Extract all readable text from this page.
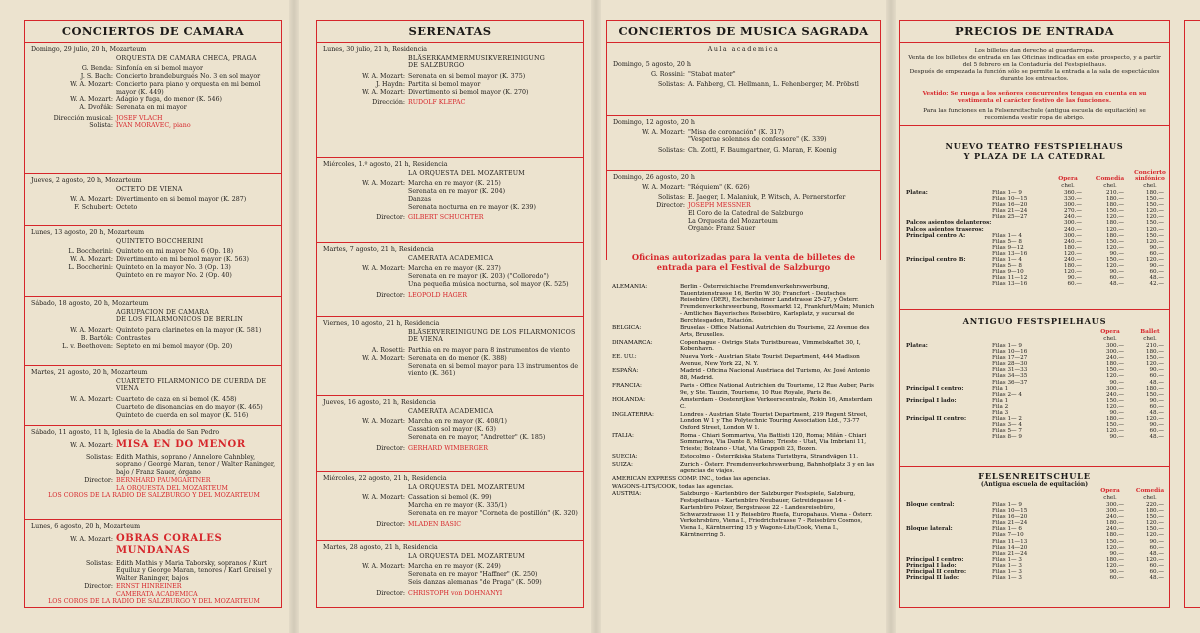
CONCIERTOS DE CAMARA
Domingo, 29 julio, 20 h, Mozarteum
ORQUESTA DE CAMARA CHECA, PRAGA
G. Benda: Sinfonía en si bemol mayor
J. S. Bach: Concierto brandeburgués No. 3 en sol mayor
W. A. Mozart: Concierto para piano y orquesta en mi bemol mayor (K. 449)
W. A. Mozart: Adagio y fuga, do menor (K. 546)
A. Dvořák: Serenata en mi mayor
Dirección musical: JOSEF VLACH
Solista: IVAN MORAVEC, piano
Jueves, 2 agosto, 20 h, Mozarteum
OCTETO DE VIENA
W. A. Mozart: Divertimento en si bemol mayor (K. 287)
F. Schubert: Octeto
Lunes, 13 agosto, 20 h, Mozarteum
QUINTETO BOCCHERINI
L. Boccherini: Quinteto en mi mayor No. 6 (Op. 18)
W. A. Mozart: Divertimento en mi bemol mayor (K. 563)
L. Boccherini: Quinteto en la mayor No. 3 (Op. 13)
Quinteto en re mayor No. 2 (Op. 40)
Sábado, 18 agosto, 20 h, Mozarteum
AGRUPACION DE CAMARA
DE LOS FILARMONICOS DE BERLIN
W. A. Mozart: Quinteto para clarinetes en la mayor (K. 581)
B. Bartók: Contrastes
L. v. Beethoven: Septeto en mi bemol mayor (Op. 20)
Martes, 21 agosto, 20 h, Mozarteum
CUARTETO FILARMONICO DE CUERDA DE VIENA
W. A. Mozart: Cuarteto de caza en si bemol (K. 458)
Cuarteto de disonancias en do mayor (K. 465)
Quinteto de cuerda en sol mayor (K. 516)
Sábado, 11 agosto, 11 h, Iglesia de la Abadía de San Pedro
W. A. Mozart: MISA EN DO MENOR
Solistas: Edith Mathis, soprano / Annelore Cahnbley, soprano / George Maran, tenor / Walter Raninger, bajo / Franz Sauer, órgano
Director: BERNHARD PAUMGARTNER
LA ORQUESTA DEL MOZARTEUM
LOS COROS DE LA RADIO DE SALZBURGO Y DEL MOZARTEUM
Lunes, 6 agosto, 20 h, Mozarteum
W. A. Mozart: OBRAS CORALES MUNDANAS
Solistas: Edith Mathis y Maria Taborsky, sopranos / Kurt Equiluz y George Maran, tenores / Karl Greisel y Walter Raninger, bajos
Director: ERNST HINREINER
CAMERATA ACADEMICA
LOS COROS DE LA RADIO DE SALZBURGO Y DEL MOZARTEUM
SERENATAS
Lunes, 30 julio, 21 h, Residencia
BLÄSERKAMMERMUSIKVEREINIGUNG
DE SALZBURGO
W. A. Mozart: Serenata en si bemol mayor (K. 375)
J. Haydn: Partita si bemol mayor
W. A. Mozart: Divertimento si bemol mayor (K. 270)
Dirección: RUDOLF KLEPAC
Miércoles, 1.º agosto, 21 h, Residencia
LA ORQUESTA DEL MOZARTEUM
W. A. Mozart: Marcha en re mayor (K. 215)
Serenata en re mayor (K. 204)
Danzas
Serenata nocturna en re mayor (K. 239)
Director: GILBERT SCHUCHTER
Martes, 7 agosto, 21 h, Residencia
CAMERATA ACADEMICA
W. A. Mozart: Marcha en re mayor (K. 237)
Serenata en re mayor (K. 203) ("Colloredo")
Una pequeña música nocturna, sol mayor (K. 525)
Director: LEOPOLD HAGER
Viernes, 10 agosto, 21 h, Residencia
BLÄSERVEREINIGUNG DE LOS FILARMONICOS
DE VIENA
A. Rosetti: Parthia en re mayor para 8 instrumentos de viento
W. A. Mozart: Serenata en do menor (K. 388)
Serenata en si bemol mayor para 13 instrumentos de viento (K. 361)
Jueves, 16 agosto, 21 h, Residencia
CAMERATA ACADEMICA
W. A. Mozart: Marcha en re mayor (K. 408/1)
Cassation sol mayor (K. 63)
Serenata en re mayor, "Andretter" (K. 185)
Director: GERHARD WIMBERGER
Miércoles, 22 agosto, 21 h, Residencia
LA ORQUESTA DEL MOZARTEUM
W. A. Mozart: Cassation si bemol (K. 99)
Marcha en re mayor (K. 335/1)
Serenata en re mayor "Corneta de postillón" (K. 320)
Director: MLADEN BASIC
Martes, 28 agosto, 21 h, Residencia
LA ORQUESTA DEL MOZARTEUM
W. A. Mozart: Marcha en re mayor (K. 249)
Serenata en re mayor "Haffner" (K. 250)
Seis danzas alemanas "de Praga" (K. 509)
Director: CHRISTOPH von DOHNANYI
CONCIERTOS DE MUSICA SAGRADA
Aula academica
Domingo, 5 agosto, 20 h
G. Rossini: "Stabat mater"
Solistas: A. Fahberg, Cl. Hellmann, L. Fehenberger, M. Pröbstl
Domingo, 12 agosto, 20 h
W. A. Mozart: "Misa de coronación" (K. 317)
"Vesperae solennes de confessore" (K. 339)
Solistas: Ch. Zottl, F. Baumgartner, G. Maran, F. Koenig
Domingo, 26 agosto, 20 h
W. A. Mozart: "Réquiem" (K. 626)
Solistas: E. Jaeger, I. Malaniuk, P. Witsch, A. Pernerstorfer
Director: JOSEPH MESSNER
El Coro de la Catedral de Salzburgo
La Orquesta del Mozarteum
Organo: Franz Sauer
Oficinas autorizadas para la venta de billetes de entrada para el Festival de Salzburgo
ALEMANIA:	Berlin - Österreichische Fremdenverkehrswerbung, Tauentzienstrasse 16, Berlin W 30; Francfort - Deutsches Reisebüro (DER), Eschersheimer Landstrasse 25-27, y Österr. Fremdenverkehrswerbung, Rossmarkt 12, Frankfurt/Main; Munich - Amtliches Bayerisches Reisebüro, Karlsplatz, y sucursal de Berchtesgaden, Estación.
BELGICA:	Bruselas - Office National Autrichien du Tourisme, 22 Avenue des Arts, Bruxelles.
DINAMARCA:	Copenhague - Ostrigs Stats Turistbureau, Vimmelskaftet 30, I, Kobenhavn.
EE. UU.:	Nueva York - Austrian State Tourist Department, 444 Madison Avenue, New York 22, N. Y.
ESPAÑA:	Madrid - Oficina Nacional Austriaca del Turismo, Av. José Antonio 88, Madrid.
FRANCIA:	Paris - Office National Autrichien du Tourisme, 12 Rue Auber, Paris 9e, y Ste. Tauzin, Tourisme, 10 Rue Royale, Paris 8e.
HOLANDA:	Amsterdam - Oostenrijkse Verkeerscentrale, Rokin 16, Amsterdam C.
INGLATERRA:	Londres - Austrian State Tourist Department, 219 Regent Street, London W 1 y The Polytechnic Touring Association Ltd., 73-77 Oxford Street, London W 1.
ITALIA:	Roma - Chiari Sommariva, Via Battisti 120, Roma; Milán - Chiari Sommariva, Via Dante 8, Milano; Trieste - Utat, Via Imbriani 11, Trieste; Bolzano - Utat, Via Grappoli 23, Bozen.
SUECIA:	Estocolmo - Österrikiska Statens Turistbyra, Strandvägen 11.
SUIZA:	Zurich - Österr. Fremdenverkehrswerbung, Bahnhofplatz 3 y en las agencias de viajes.
AMERICAN EXPRESS COMP. INC., todas las agencias.
WAGONS-LITS/COOK, todas las agencias.
AUSTRIA:	Salzburgo - Kartenbüro der Salzburger Festspiele, Salzburg, Festspielhaus - Kartenbüro Neubauer, Getreidegasse 14 - Kartenbüro Polzer, Bergstrasse 22 - Landesreisebüro, Schwarzstrasse 11 y Reisebüro Ruefa, Europahaus. Viena - Österr. Verkehrsbüro, Viena I., Friedrichstrasse 7 - Reisebüro Cosmos, Viena I., Kärntnerring 15 y Wagons-Lits/Cook, Viena I., Kärntnerring 5.
PRECIOS DE ENTRADA
Los billetes dan derecho al guardarropa.
Venta de los billetes de entrada en las Oficinas indicadas en este prospecto, y a partir del 5 febrero en la Contaduría del Festspielhaus.
Después de empezada la función sólo se permite la entrada a la sala de espectáculos durante los entreactos.
Vestido: Se ruega a los señores concurrentes tengan en cuenta en su vestimenta el carácter festivo de las funciones.
Para las funciones en la Felsenreitschule (antigua escuela de equitación) se recomienda vestir ropa de abrigo.
NUEVO TEATRO FESTSPIELHAUS
Y PLAZA DE LA CATEDRAL
Opera
chel.
Comedia
chel.
Concierto sinfónico
chel.
Platea:	Filas 1— 9	360.—	210.—	180.—
Filas 10—15	330.—	180.—	150.—
Filas 16—20	300.—	180.—	150.—
Filas 21—24	270.—	150.—	120.—
Filas 25—27	240.—	120.—	120.—
Palcos asientos delanteros:	300.—	180.—	150.—
Palcos asientos traseros:	240.—	120.—	120.—
Principal centro A:	Filas 1— 4	300.—	180.—	150.—
Filas 5— 8	240.—	150.—	120.—
Filas 9—12	180.—	120.—	90.—
Filas 13—16	120.—	90.—	60.—
Principal centro B:	Filas 1— 4	240.—	150.—	120.—
Filas 5— 8	180.—	120.—	90.—
Filas 9—10	120.—	90.—	60.—
Filas 11—12	90.—	60.—	48.—
Filas 13—16	60.—	48.—	42.—
ANTIGUO FESTSPIELHAUS
Opera
chel.
Ballet
chel.
Platea:	Filas 1— 9	300.—	210.—
Filas 10—16	300.—	180.—
Filas 17—27	240.—	150.—
Filas 28—30	180.—	120.—
Filas 31—33	150.—	90.—
Filas 34—35	120.—	60.—
Filas 36—37	90.—	48.—
Principal I centro:	Fila 1	300.—	180.—
Filas 2— 4	240.—	150.—
Principal I lado:	Fila 1	150.—	90.—
Fila 2	120.—	60.—
Fila 3	90.—	48.—
Principal II centro:	Filas 1— 2	180.—	120.—
Filas 3— 4	150.—	90.—
Filas 5— 7	120.—	60.—
Filas 8— 9	90.—	48.—
FELSENREITSCHULE
(Antigua escuela de equitación)
Opera
chel.
Comedia
chel.
Bloque central:	Filas 1— 9	300.—	220.—
Filas 10—15	300.—	180.—
Filas 16—20	240.—	150.—
Filas 21—24	180.—	120.—
Bloque lateral:	Filas 1— 6	240.—	150.—
Filas 7—10	180.—	120.—
Filas 11—13	150.—	90.—
Filas 14—20	120.—	60.—
Filas 21—24	90.—	48.—
Principal I centro:	Filas 1— 3	180.—	120.—
Principal I lado:	Filas 1— 3	120.—	60.—
Principal II centro:	Filas 1— 3	90.—	60.—
Principal II lado:	Filas 1— 3	60.—	48.—
